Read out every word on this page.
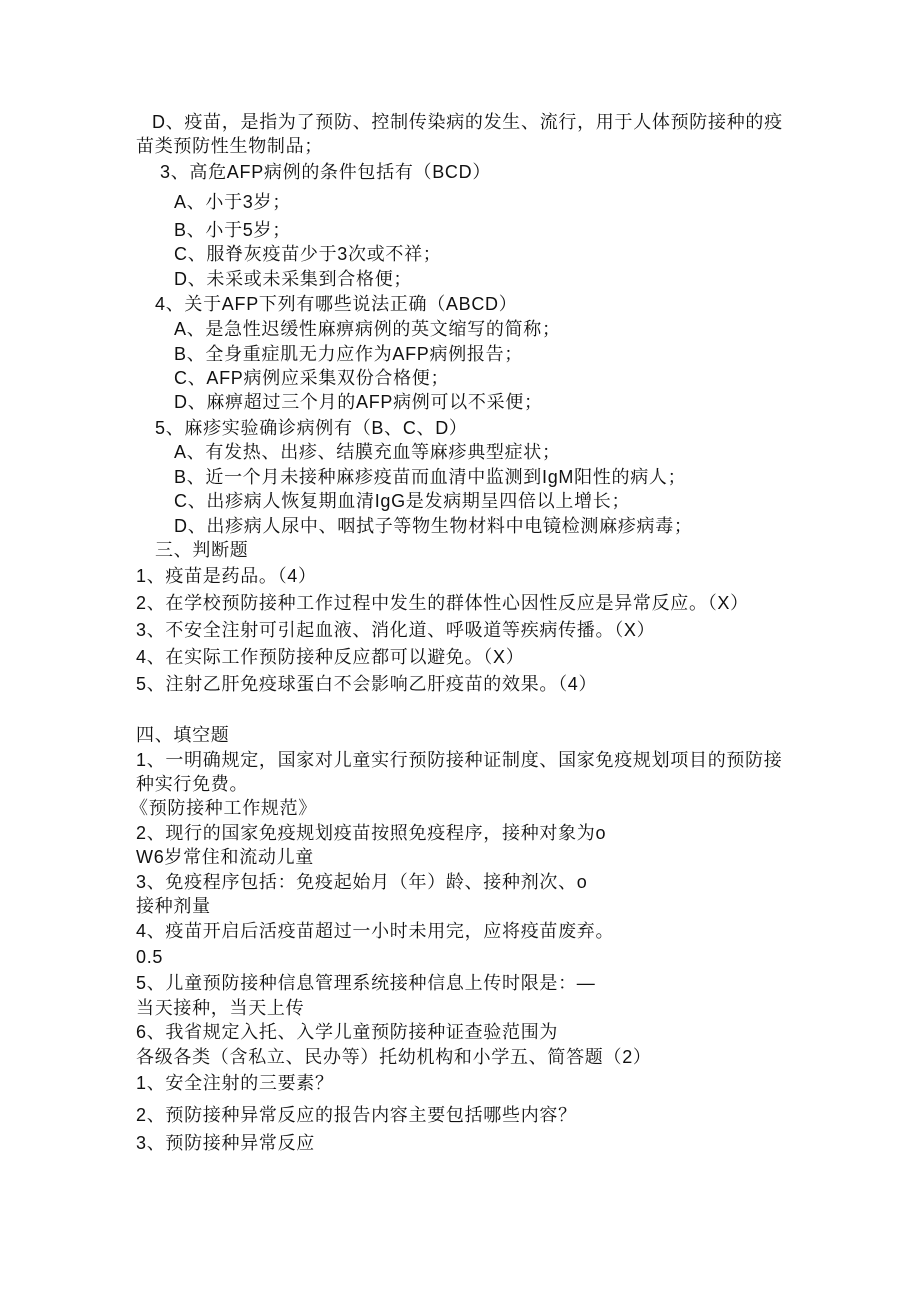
D、疫苗，是指为了预防、控制传染病的发生、流行，用于人体预防接种的疫
苗类预防性生物制品；
3、高危AFP病例的条件包括有（BCD）
A、小于3岁；
B、小于5岁；
C、服脊灰疫苗少于3次或不祥；
D、未采或未采集到合格便；
4、关于AFP下列有哪些说法正确（ABCD）
A、是急性迟缓性麻痹病例的英文缩写的简称；
B、全身重症肌无力应作为AFP病例报告；
C、AFP病例应采集双份合格便；
D、麻痹超过三个月的AFP病例可以不采便；
5、麻疹实验确诊病例有（B、C、D）
A、有发热、出疹、结膜充血等麻疹典型症状；
B、近一个月未接种麻疹疫苗而血清中监测到IgM阳性的病人；
C、出疹病人恢复期血清IgG是发病期呈四倍以上增长；
D、出疹病人尿中、咽拭子等物生物材料中电镜检测麻疹病毒；
三、判断题
1、疫苗是药品。（4）
2、在学校预防接种工作过程中发生的群体性心因性反应是异常反应。（X）
3、不安全注射可引起血液、消化道、呼吸道等疾病传播。（X）
4、在实际工作预防接种反应都可以避免。（X）
5、注射乙肝免疫球蛋白不会影响乙肝疫苗的效果。（4）
四、填空题
1、一明确规定，国家对儿童实行预防接种证制度、国家免疫规划项目的预防接
种实行免费。
《预防接种工作规范》
2、现行的国家免疫规划疫苗按照免疫程序，接种对象为o
W6岁常住和流动儿童
3、免疫程序包括：免疫起始月（年）龄、接种剂次、o
接种剂量
4、疫苗开启后活疫苗超过一小时未用完，应将疫苗废弃。
0.5
5、儿童预防接种信息管理系统接种信息上传时限是：—
当天接种，当天上传
6、我省规定入托、入学儿童预防接种证查验范围为
各级各类（含私立、民办等）托幼机构和小学五、简答题（2）
1、安全注射的三要素？
2、预防接种异常反应的报告内容主要包括哪些内容？
3、预防接种异常反应
